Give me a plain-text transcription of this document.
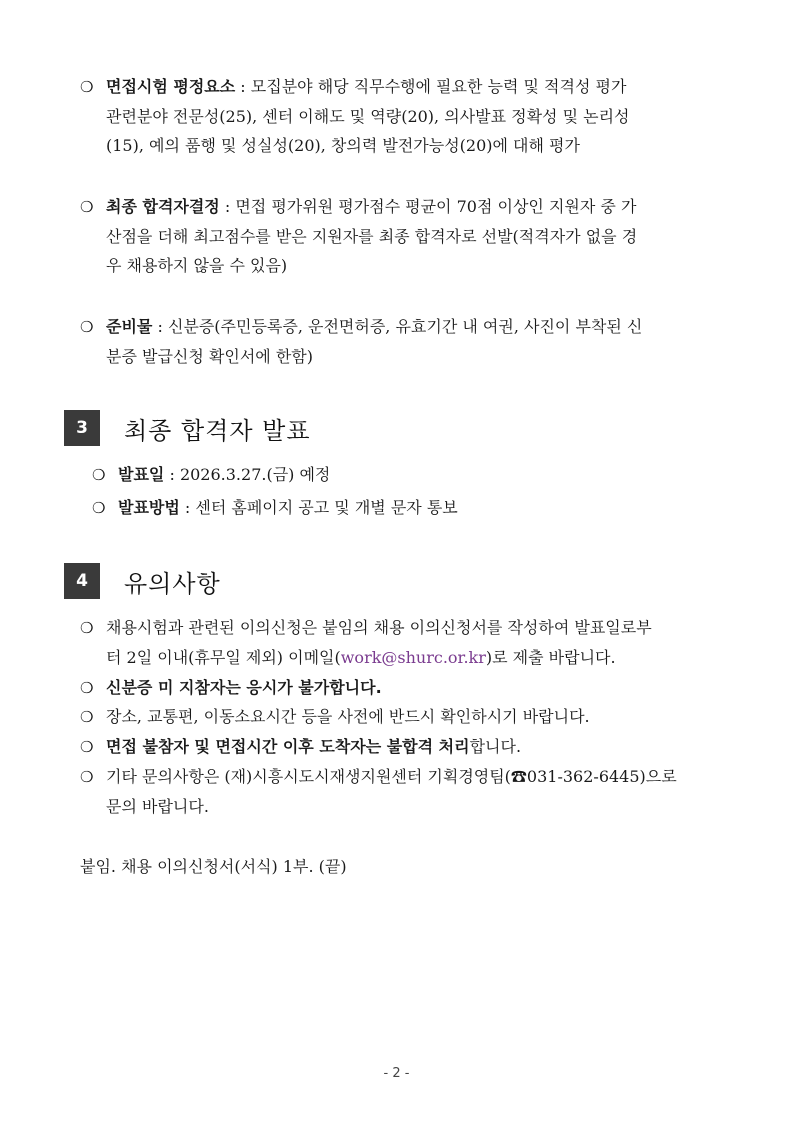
❍ 면접시험 평정요소 : 모집분야 해당 직무수행에 필요한 능력 및 적격성 평가
관련분야 전문성(25), 센터 이해도 및 역량(20), 의사발표 정확성 및 논리성
(15), 예의 품행 및 성실성(20), 창의력 발전가능성(20)에 대해 평가
❍ 최종 합격자결정 : 면접 평가위원 평가점수 평균이 70점 이상인 지원자 중 가
산점을 더해 최고점수를 받은 지원자를 최종 합격자로 선발(적격자가 없을 경
우 채용하지 않을 수 있음)
❍ 준비물 : 신분증(주민등록증, 운전면허증, 유효기간 내 여권, 사진이 부착된 신
분증 발급신청 확인서에 한함)
3	최종 합격자 발표
❍ 발표일 : 2026.3.27.(금) 예정
❍ 발표방법 : 센터 홈페이지 공고 및 개별 문자 통보
4	유의사항
❍ 채용시험과 관련된 이의신청은 붙임의 채용 이의신청서를 작성하여 발표일로부
터 2일 이내(휴무일 제외) 이메일(work@shurc.or.kr)로 제출 바랍니다.
❍ 신분증 미 지참자는 응시가 불가합니다.
❍ 장소, 교통편, 이동소요시간 등을 사전에 반드시 확인하시기 바랍니다.
❍ 면접 불참자 및 면접시간 이후 도착자는 불합격 처리합니다.
❍ 기타 문의사항은 (재)시흥시도시재생지원센터 기획경영팀(☎031-362-6445)으로
문의 바랍니다.
붙임. 채용 이의신청서(서식) 1부. (끝)
- 2 -
